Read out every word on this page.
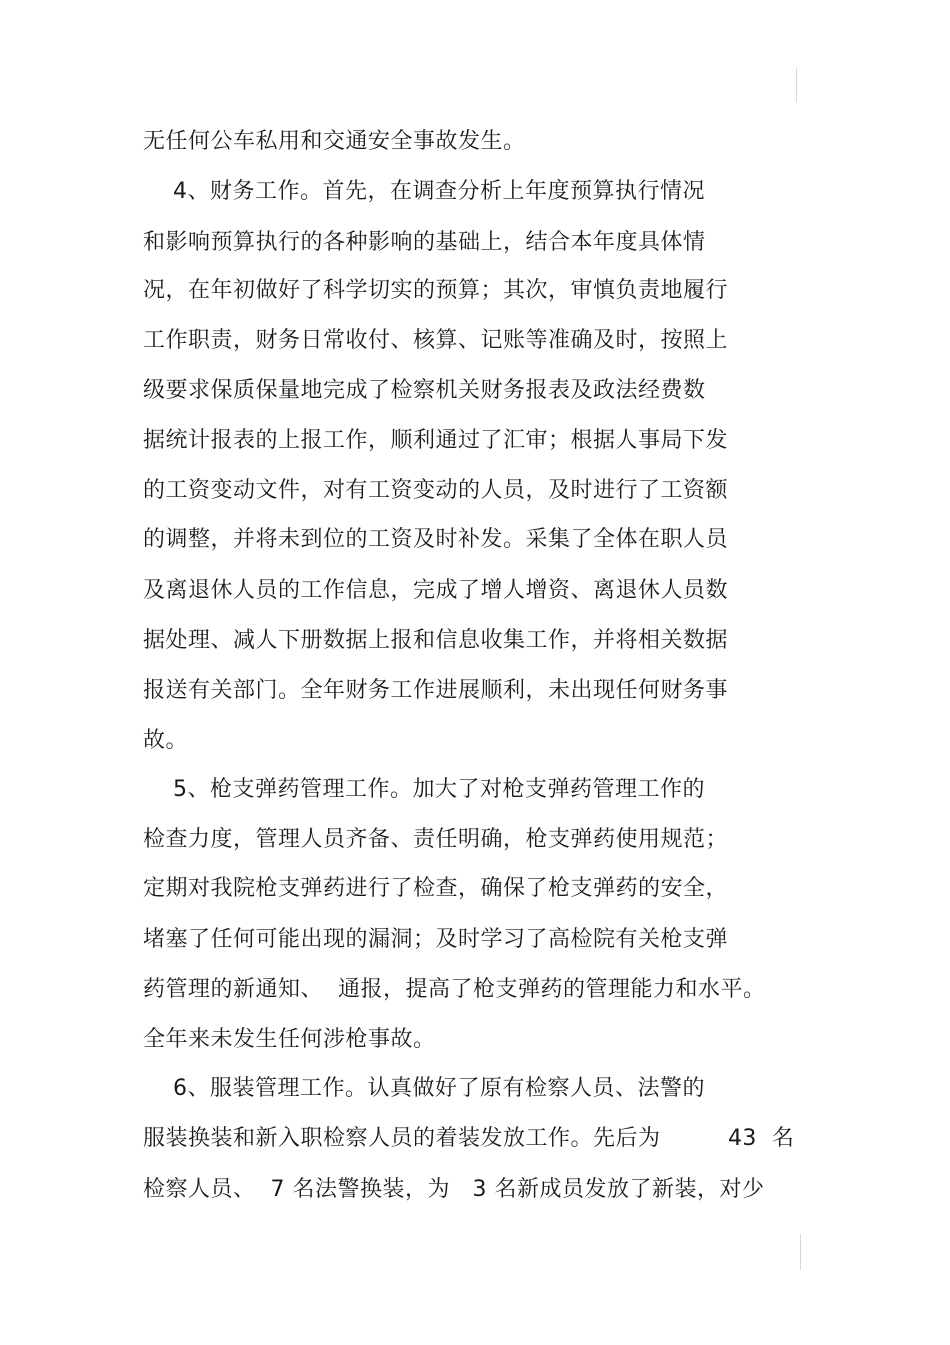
无任何公车私用和交通安全事故发生。
4、财务工作。首先，在调查分析上年度预算执行情况
和影响预算执行的各种影响的基础上，结合本年度具体情
况，在年初做好了科学切实的预算；其次，审慎负责地履行
工作职责，财务日常收付、核算、记账等准确及时，按照上
级要求保质保量地完成了检察机关财务报表及政法经费数
据统计报表的上报工作，顺利通过了汇审；根据人事局下发
的工资变动文件，对有工资变动的人员，及时进行了工资额
的调整，并将未到位的工资及时补发。采集了全体在职人员
及离退休人员的工作信息，完成了增人增资、离退休人员数
据处理、减人下册数据上报和信息收集工作，并将相关数据
报送有关部门。全年财务工作进展顺利，未出现任何财务事
故。
5、枪支弹药管理工作。加大了对枪支弹药管理工作的
检查力度，管理人员齐备、责任明确，枪支弹药使用规范；
定期对我院枪支弹药进行了检查，确保了枪支弹药的安全，
堵塞了任何可能出现的漏洞；及时学习了高检院有关枪支弹
药管理的新通知、  通报，提高了枪支弹药的管理能力和水平。
全年来未发生任何涉枪事故。
6、服装管理工作。认真做好了原有检察人员、法警的
服装换装和新入职检察人员的着装发放工作。先后为         43  名
检察人员、  7 名法警换装，为   3 名新成员发放了新装，对少
